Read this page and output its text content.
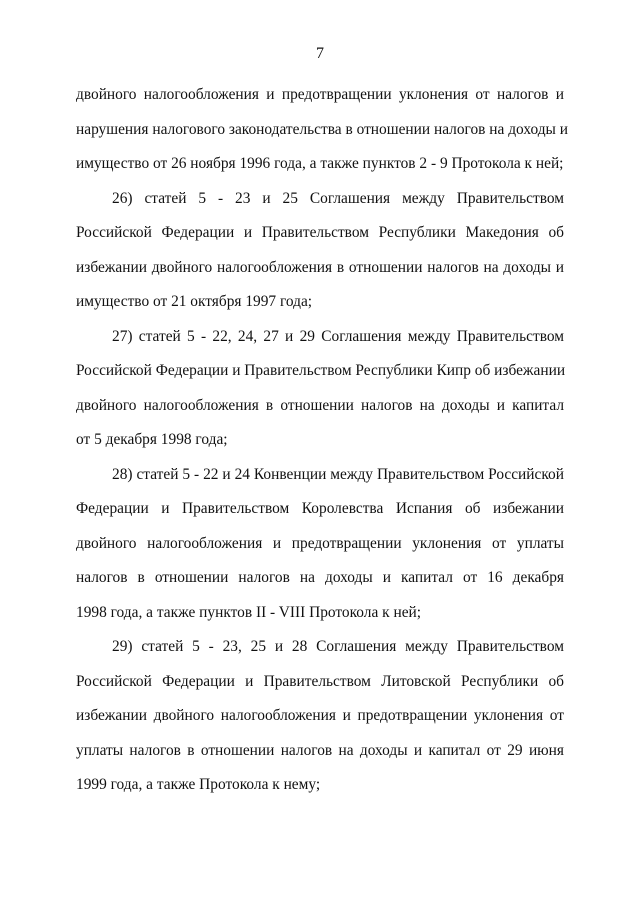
7
двойного налогообложения и предотвращении уклонения от налогов и
нарушения налогового законодательства в отношении налогов на доходы и
имущество от 26 ноября 1996 года, а также пунктов 2 - 9 Протокола к ней;
26) статей 5 - 23 и 25 Соглашения между Правительством
Российской Федерации и Правительством Республики Македония об
избежании двойного налогообложения в отношении налогов на доходы и
имущество от 21 октября 1997 года;
27) статей 5 - 22, 24, 27 и 29 Соглашения между Правительством
Российской Федерации и Правительством Республики Кипр об избежании
двойного налогообложения в отношении налогов на доходы и капитал
от 5 декабря 1998 года;
28) статей 5 - 22 и 24 Конвенции между Правительством Российской
Федерации и Правительством Королевства Испания об избежании
двойного налогообложения и предотвращении уклонения от уплаты
налогов в отношении налогов на доходы и капитал от 16 декабря
1998 года, а также пунктов II - VIII Протокола к ней;
29) статей 5 - 23, 25 и 28 Соглашения между Правительством
Российской Федерации и Правительством Литовской Республики об
избежании двойного налогообложения и предотвращении уклонения от
уплаты налогов в отношении налогов на доходы и капитал от 29 июня
1999 года, а также Протокола к нему;
